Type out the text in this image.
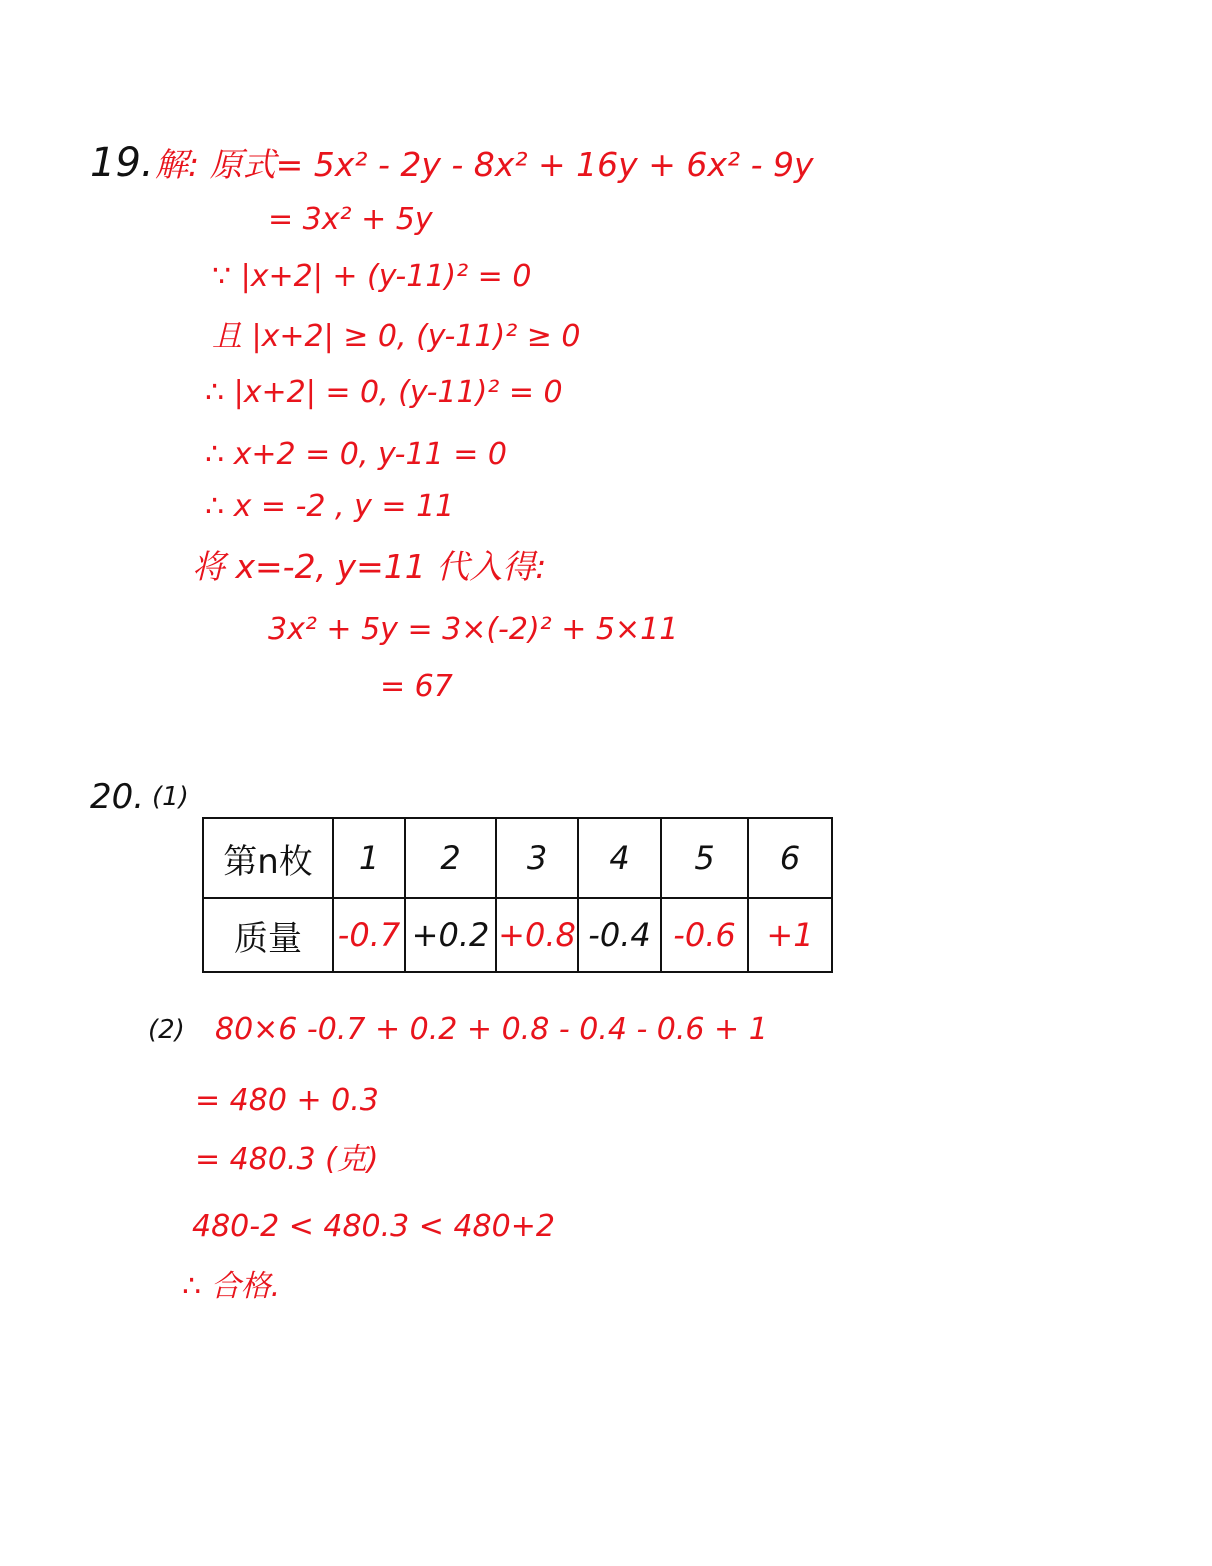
19. 解: 原式= 5x² - 2y - 8x² + 16y + 6x² - 9y
= 3x² + 5y
∵ |x+2| + (y-11)² = 0
且 |x+2| ≥ 0, (y-11)² ≥ 0
∴ |x+2| = 0, (y-11)² = 0
∴ x+2 = 0, y-11 = 0
∴ x = -2 , y = 11
将 x=-2, y=11 代入得:
3x² + 5y = 3×(-2)² + 5×11
= 67
20. (1)
第n枚	1	2	3	4	5	6
质量	-0.7	+0.2	+0.8	-0.4	-0.6	+1
(2) 80×6 -0.7 + 0.2 + 0.8 - 0.4 - 0.6 + 1
= 480 + 0.3
= 480.3 (克)
480-2 < 480.3 < 480+2
∴ 合格.
